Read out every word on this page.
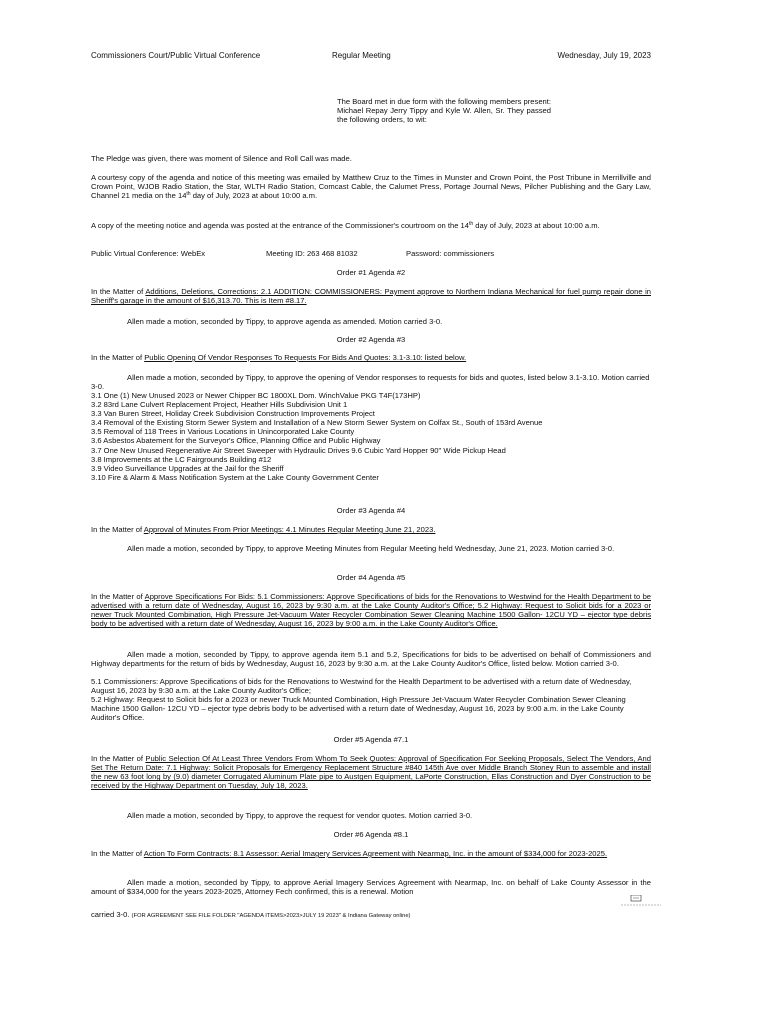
Commissioners Court/Public Virtual Conference	Regular Meeting	Wednesday, July 19, 2023
The Board met in due form with the following members present: Michael Repay Jerry Tippy and Kyle W. Allen, Sr. They passed the following orders, to wit:
The Pledge was given, there was moment of Silence and Roll Call was made.
A courtesy copy of the agenda and notice of this meeting was emailed by Matthew Cruz to the Times in Munster and Crown Point, the Post Tribune in Merrillville and Crown Point, WJOB Radio Station, the Star, WLTH Radio Station, Comcast Cable, the Calumet Press, Portage Journal News, Pilcher Publishing and the Gary Law, Channel 21 media on the 14th day of July, 2023 at about 10:00 a.m.
A copy of the meeting notice and agenda was posted at the entrance of the Commissioner's courtroom on the 14th day of July, 2023 at about 10:00 a.m.
Public Virtual Conference: WebEx	Meeting ID: 263 468 81032	Password: commissioners
Order #1 Agenda #2
In the Matter of Additions, Deletions, Corrections: 2.1 ADDITION: COMMISSIONERS: Payment approve to Northern Indiana Mechanical for fuel pump repair done in Sheriff's garage in the amount of $16,313.70. This is Item #8.17.
Allen made a motion, seconded by Tippy, to approve agenda as amended. Motion carried 3-0.
Order #2 Agenda #3
In the Matter of Public Opening Of Vendor Responses To Requests For Bids And Quotes: 3.1-3.10: listed below.
Allen made a motion, seconded by Tippy, to approve the opening of Vendor responses to requests for bids and quotes, listed below 3.1-3.10. Motion carried 3-0.
3.1 One (1) New Unused 2023 or Newer Chipper BC 1800XL Dom. WinchValue PKG T4F(173HP)
3.2 83rd Lane Culvert Replacement Project, Heather Hills Subdivision Unit 1
3.3 Van Buren Street, Holiday Creek Subdivision Construction Improvements Project
3.4 Removal of the Existing Storm Sewer System and Installation of a New Storm Sewer System on Colfax St., South of 153rd Avenue
3.5 Removal of 118 Trees in Various Locations in Unincorporated Lake County
3.6 Asbestos Abatement for the Surveyor's Office, Planning Office and Public Highway
3.7 One New Unused Regenerative Air Street Sweeper with Hydraulic Drives 9.6 Cubic Yard Hopper 90" Wide Pickup Head
3.8 Improvements at the LC Fairgrounds Building #12
3.9 Video Surveillance Upgrades at the Jail for the Sheriff
3.10 Fire & Alarm & Mass Notification System at the Lake County Government Center
Order #3 Agenda #4
In the Matter of Approval of Minutes From Prior Meetings: 4.1 Minutes Regular Meeting June 21, 2023.
Allen made a motion, seconded by Tippy, to approve Meeting Minutes from Regular Meeting held Wednesday, June 21, 2023. Motion carried 3-0.
Order #4 Agenda #5
In the Matter of Approve Specifications For Bids: 5.1 Commissioners: Approve Specifications of bids for the Renovations to Westwind for the Health Department to be advertised with a return date of Wednesday, August 16, 2023 by 9:30 a.m. at the Lake County Auditor's Office; 5.2 Highway: Request to Solicit bids for a 2023 or newer Truck Mounted Combination, High Pressure Jet-Vacuum Water Recycler Combination Sewer Cleaning Machine 1500 Gallon- 12CU YD – ejector type debris body to be advertised with a return date of Wednesday, August 16, 2023 by 9:00 a.m. in the Lake County Auditor's Office.
Allen made a motion, seconded by Tippy, to approve agenda item 5.1 and 5.2, Specifications for bids to be advertised on behalf of Commissioners and Highway departments for the return of bids by Wednesday, August 16, 2023 by 9:30 a.m. at the Lake County Auditor's Office, listed below. Motion carried 3-0.
5.1 Commissioners: Approve Specifications of bids for the Renovations to Westwind for the Health Department to be advertised with a return date of Wednesday, August 16, 2023 by 9:30 a.m. at the Lake County Auditor's Office;
5.2 Highway: Request to Solicit bids for a 2023 or newer Truck Mounted Combination, High Pressure Jet-Vacuum Water Recycler Combination Sewer Cleaning Machine 1500 Gallon- 12CU YD – ejector type debris body to be advertised with a return date of Wednesday, August 16, 2023 by 9:00 a.m. in the Lake County Auditor's Office.
Order #5 Agenda #7.1
In the Matter of Public Selection Of At Least Three Vendors From Whom To Seek Quotes: Approval of Specification For Seeking Proposals, Select The Vendors, And Set The Return Date: 7.1 Highway: Solicit Proposals for Emergency Replacement Structure #840 145th Ave over Middle Branch Stoney Run to assemble and install the new 63 foot long by (9.0) diameter Corrugated Aluminum Plate pipe to Austgen Equipment, LaPorte Construction, Ellas Construction and Dyer Construction to be received by the Highway Department on Tuesday, July 18, 2023.
Allen made a motion, seconded by Tippy, to approve the request for vendor quotes. Motion carried 3-0.
Order #6 Agenda #8.1
In the Matter of Action To Form Contracts: 8.1 Assessor: Aerial Imagery Services Agreement with Nearmap, Inc. in the amount of $334,000 for 2023-2025.
Allen made a motion, seconded by Tippy, to approve Aerial Imagery Services Agreement with Nearmap, Inc. on behalf of Lake County Assessor in the amount of $334,000 for the years 2023-2025, Attorney Fech confirmed, this is a renewal. Motion
carried 3-0. (FOR AGREEMENT SEE FILE FOLDER "AGENDA ITEMS>2023>JULY 19 2023" & Indiana Gateway online)
